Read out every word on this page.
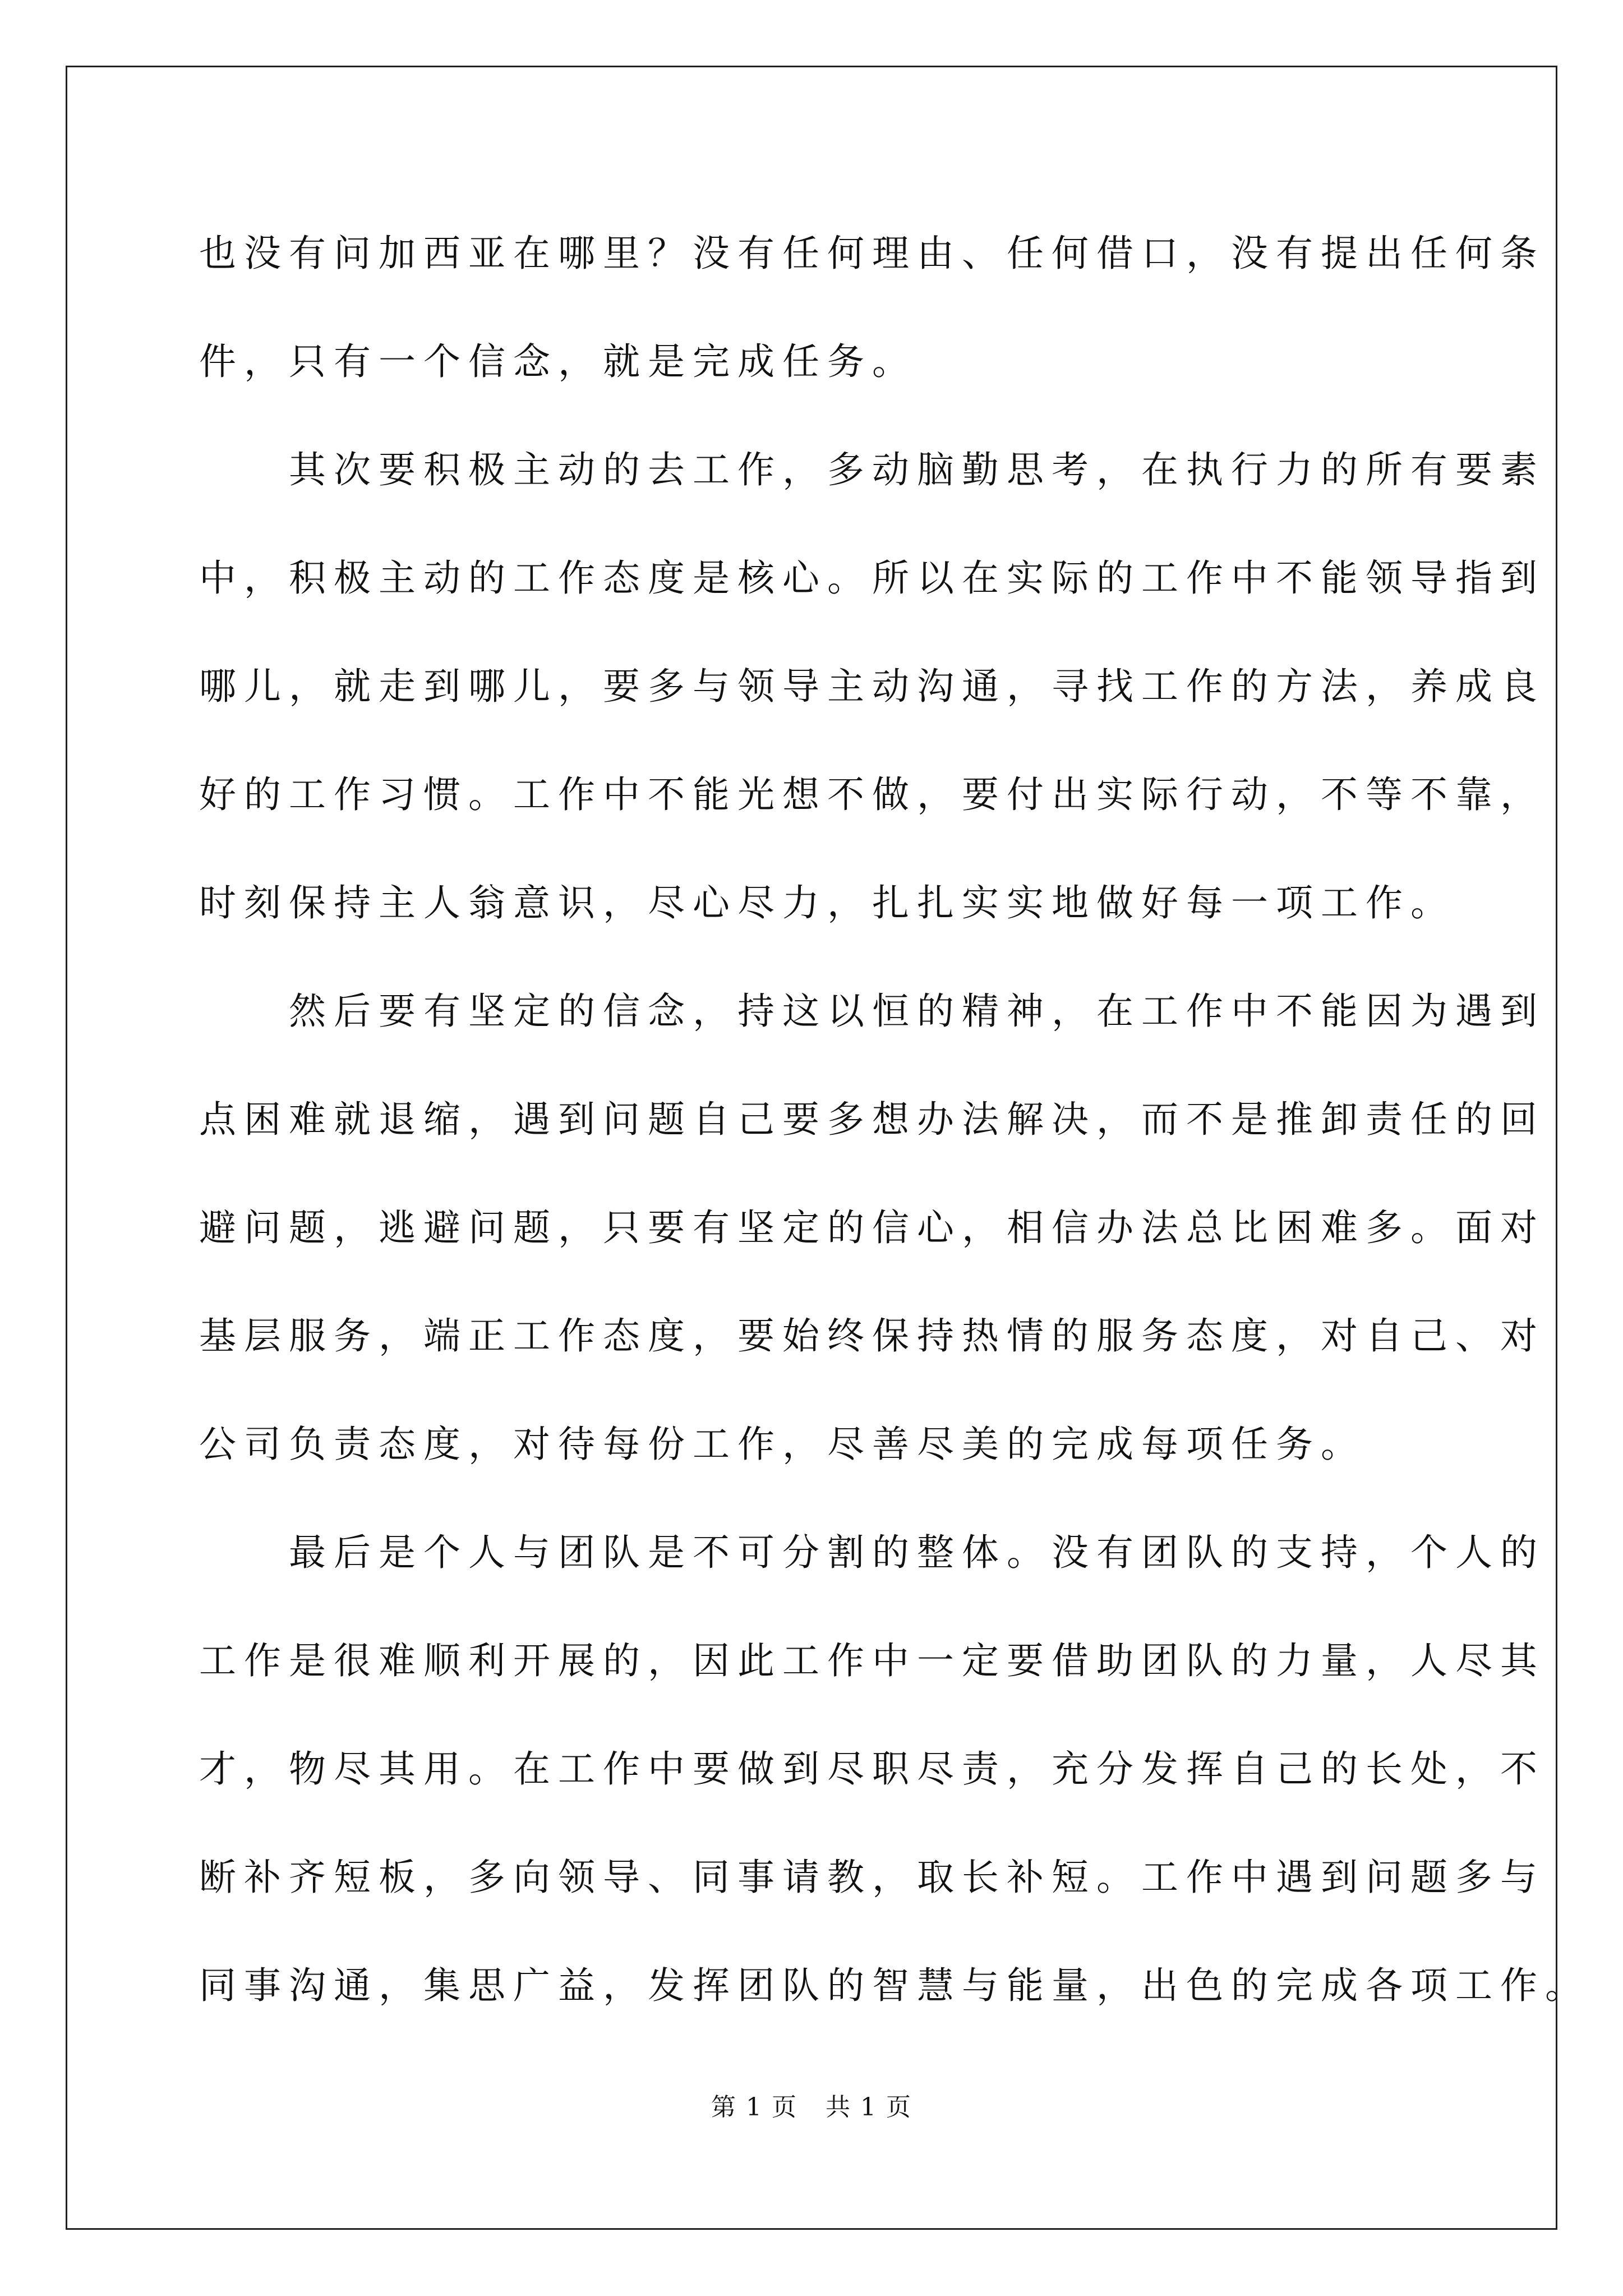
也没有问加西亚在哪里？没有任何理由、任何借口，没有提出任何条
件，只有一个信念，就是完成任务。
其次要积极主动的去工作，多动脑勤思考，在执行力的所有要素
中，积极主动的工作态度是核心。所以在实际的工作中不能领导指到
哪儿，就走到哪儿，要多与领导主动沟通，寻找工作的方法，养成良
好的工作习惯。工作中不能光想不做，要付出实际行动，不等不靠，
时刻保持主人翁意识，尽心尽力，扎扎实实地做好每一项工作。
然后要有坚定的信念，持这以恒的精神，在工作中不能因为遇到
点困难就退缩，遇到问题自己要多想办法解决，而不是推卸责任的回
避问题，逃避问题，只要有坚定的信心，相信办法总比困难多。面对
基层服务，端正工作态度，要始终保持热情的服务态度，对自己、对
公司负责态度，对待每份工作，尽善尽美的完成每项任务。
最后是个人与团队是不可分割的整体。没有团队的支持，个人的
工作是很难顺利开展的，因此工作中一定要借助团队的力量，人尽其
才，物尽其用。在工作中要做到尽职尽责，充分发挥自己的长处，不
断补齐短板，多向领导、同事请教，取长补短。工作中遇到问题多与
同事沟通，集思广益，发挥团队的智慧与能量，出色的完成各项工作。
第 1 页 共 1 页
